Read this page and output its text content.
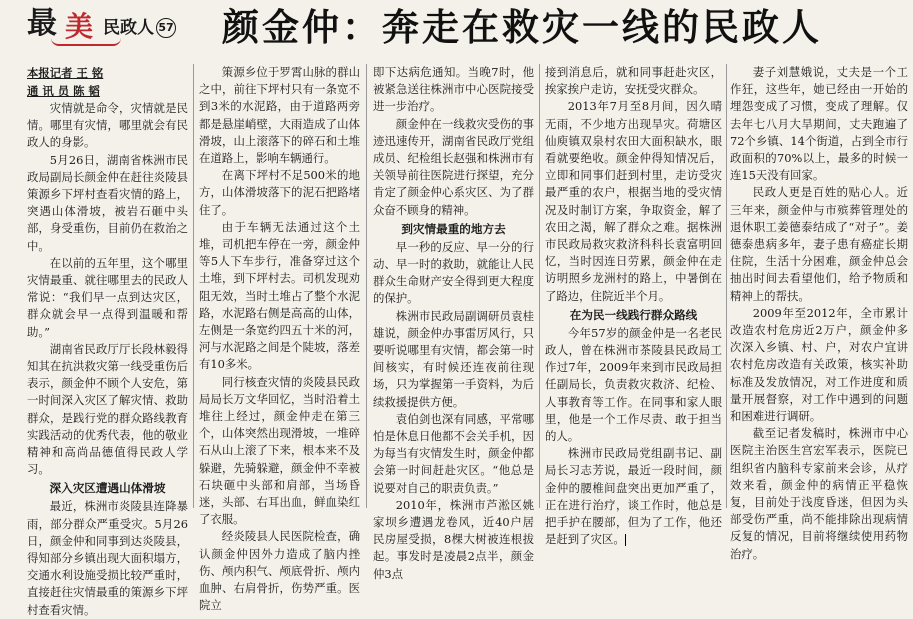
最 美 民政人 57 颜金仲：奔走在救灾一线的民政人
本报记者 王 铭
通 讯 员 陈 韬

灾情就是命令，灾情就是民情。哪里有灾情，哪里就会有民政人的身影。

5月26日，湖南省株洲市民政局副局长颜金仲在赶往炎陵县策源乡下坪村查看灾情的路上，突遇山体滑坡，被岩石砸中头部，身受重伤，目前仍在救治之中。

在以前的五年里，这个哪里灾情最重、就往哪里去的民政人常说：“我们早一点到达灾区，群众就会早一点得到温暖和帮助。”

湖南省民政厅厅长段林毅得知其在抗洪救灾第一线受重伤后表示，颜金仲不顾个人安危，第一时间深入灾区了解灾情、救助群众，是践行党的群众路线教育实践活动的优秀代表，他的敬业精神和高尚品德值得民政人学习。

深入灾区遭遇山体滑坡

最近，株洲市炎陵县连降暴雨，部分群众严重受灾。5月26日，颜金仲和同事到达炎陵县，得知部分乡镇出现大面积塌方，交通水利设施受损比较严重时，直接赶往灾情最重的策源乡下坪村查看灾情。

策源乡位于罗霄山脉的群山之中，前往下坪村只有一条宽不到3米的水泥路，由于道路两旁都是悬崖峭壁，大雨造成了山体滑坡，山上滚落下的碎石和土堆在道路上，影响车辆通行。

在离下坪村不足500米的地方，山体滑坡落下的泥石把路堵住了。

由于车辆无法通过这个土堆，司机把车停在一旁，颜金仲等5人下车步行，准备穿过这个土堆，到下坪村去。司机发现劝阻无效，当时土堆占了整个水泥路，水泥路右侧是高高的山体，左侧是一条宽约四五十米的河，河与水泥路之间是个陡坡，落差有10多米。

同行核查灾情的炎陵县民政局局长万文华回忆，当时沿着土堆往上经过，颜金仲走在第三个，山体突然出现滑坡，一堆碎石从山上滚了下来，根本来不及躲避，先骑躲避，颜金仲不幸被石块砸中头部和肩部，当场昏迷，头部、右耳出血，鲜血染红了衣服。

经炎陵县人民医院检查，确认颜金仲因外力造成了脑内挫伤、颅内积气、颅底骨折、颅内血肿、右肩骨折，伤势严重。医院立

即下达病危通知。当晚7时，他被紧急送往株洲市中心医院接受进一步治疗。

颜金仲在一线救灾受伤的事迹迅速传开，湖南省民政厅党组成员、纪检组长赵强和株洲市有关领导前往医院进行探望，充分肯定了颜金仲心系灾区、为了群众奋不顾身的精神。

到灾情最重的地方去

早一秒的反应、早一分的行动、早一时的救助，就能让人民群众生命财产安全得到更大程度的保护。

株洲市民政局副调研员袁桂雄说，颜金仲办事雷厉风行，只要听说哪里有灾情，都会第一时间核实，有时候还连夜前往现场，只为掌握第一手资料，为后续救援提供方便。

袁伯剑也深有同感，平常哪怕是休息日他都不会关手机，因为每当有灾情发生时，颜金仲都会第一时间赶赴灾区。“他总是说要对自己的职责负责。”

2010年，株洲市芦淞区姚家坝乡遭遇龙卷风，近40户居民房屋受损，8棵大树被连根拔起。事发时是凌晨2点半，颜金仲3点

接到消息后，就和同事赶赴灾区，挨家挨户走访，安抚受灾群众。

2013年7月至8月间，因久晴无雨，不少地方出现旱灾。荷塘区仙庾镇双泉村农田大面积缺水，眼看就要绝收。颜金仲得知情况后，立即和同事们赶到村里，走访受灾最严重的农户，根据当地的受灾情况及时制订方案，争取资金，解了农田之渴，解了群众之难。据株洲市民政局救灾救济科科长袁富明回忆，当时因连日劳累，颜金仲在走访明照乡龙洲村的路上，中暑倒在了路边，住院近半个月。

在为民一线践行群众路线

今年57岁的颜金仲是一名老民政人，曾在株洲市茶陵县民政局工作过7年，2009年来到市民政局担任副局长，负责救灾救济、纪检、人事教育等工作。在同事和家人眼里，他是一个工作尽责、敢于担当的人。

株洲市民政局党组副书记、副局长习志芳说，最近一段时间，颜金仲的腰椎间盘突出更加严重了，正在进行治疗，谈工作时，他总是把手护在腰部，但为了工作，他还是赶到了灾区。

妻子刘慧娥说，丈夫是一个工作狂，这些年，她已经由一开始的埋怨变成了习惯，变成了理解。仅去年七八月大旱期间，丈夫跑遍了72个乡镇、14个街道，占到全市行政面积的70%以上，最多的时候一连15天没有回家。

民政人更是百姓的贴心人。近三年来，颜金仲与市殡葬管理处的退休职工姜德泰结成了“对子”。姜德泰患病多年，妻子患有癌症长期住院，生活十分困难，颜金仲总会抽出时间去看望他们，给予物质和精神上的帮扶。

2009年至2012年，全市累计改造农村危房近2万户，颜金仲多次深入乡镇、村、户，对农户宜讲农村危房改造有关政策，核实补助标准及发放情况，对工作进度和质量开展督察，对工作中遇到的问题和困难进行调研。

截至记者发稿时，株洲市中心医院主治医生宫宏军表示，医院已组织省内脑科专家前来会诊，从疗效来看，颜金仲的病情正平稳恢复，目前处于浅度昏迷，但因为头部受伤严重，尚不能排除出现病情反复的情况，目前将继续使用药物治疗。
